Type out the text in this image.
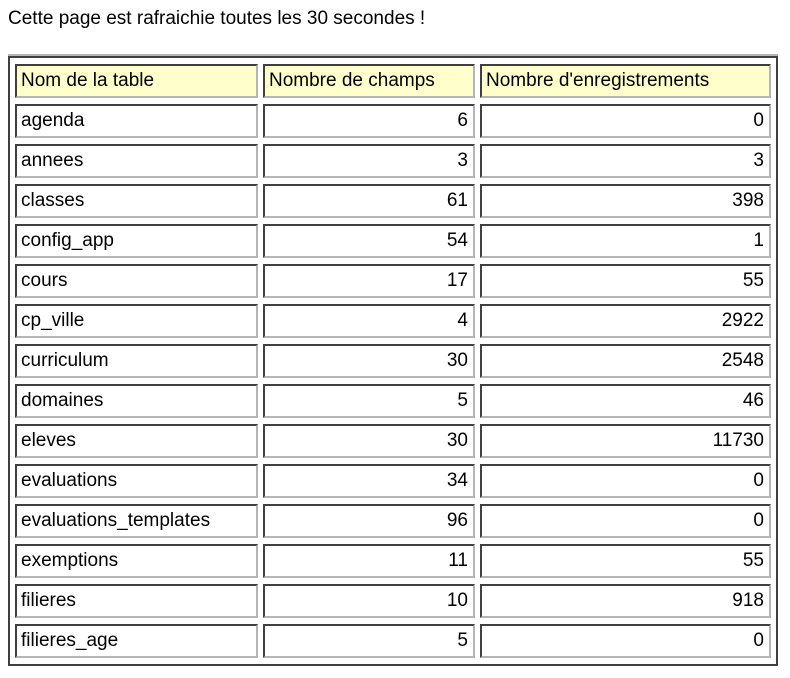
Cette page est rafraichie toutes les 30 secondes !

Nom de la table	Nombre de champs	Nombre d'enregistrements
agenda	6	0
annees	3	3
classes	61	398
config_app	54	1
cours	17	55
cp_ville	4	2922
curriculum	30	2548
domaines	5	46
eleves	30	11730
evaluations	34	0
evaluations_templates	96	0
exemptions	11	55
filieres	10	918
filieres_age	5	0
